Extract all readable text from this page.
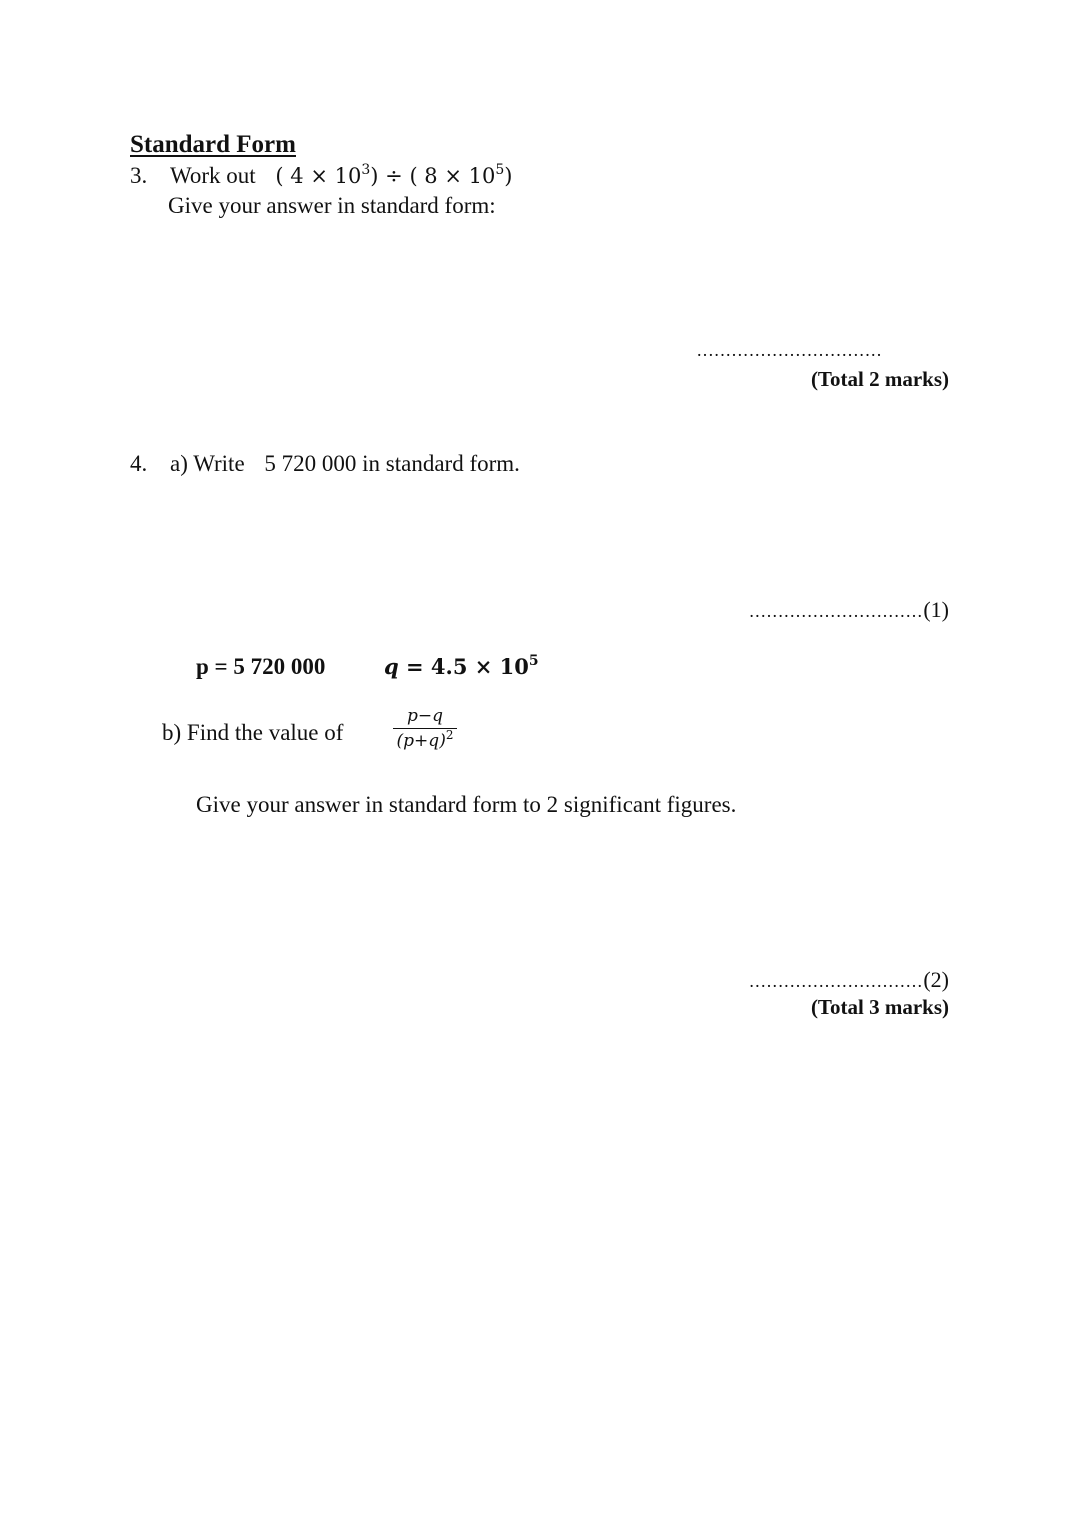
Standard Form
3. Work out ( $4 \times 10^3$) ÷ ( $8 \times 10^5$)
Give your answer in standard form:
................................
(Total 2 marks)
4. a) Write 5 720 000 in standard form.
..............................(1)
p = 5 720 000	$q = 4.5 \times 10^5$
b) Find the value of	$\frac{p-q}{(p+q)^2}$
Give your answer in standard form to 2 significant figures.
..............................(2)
(Total 3 marks)
